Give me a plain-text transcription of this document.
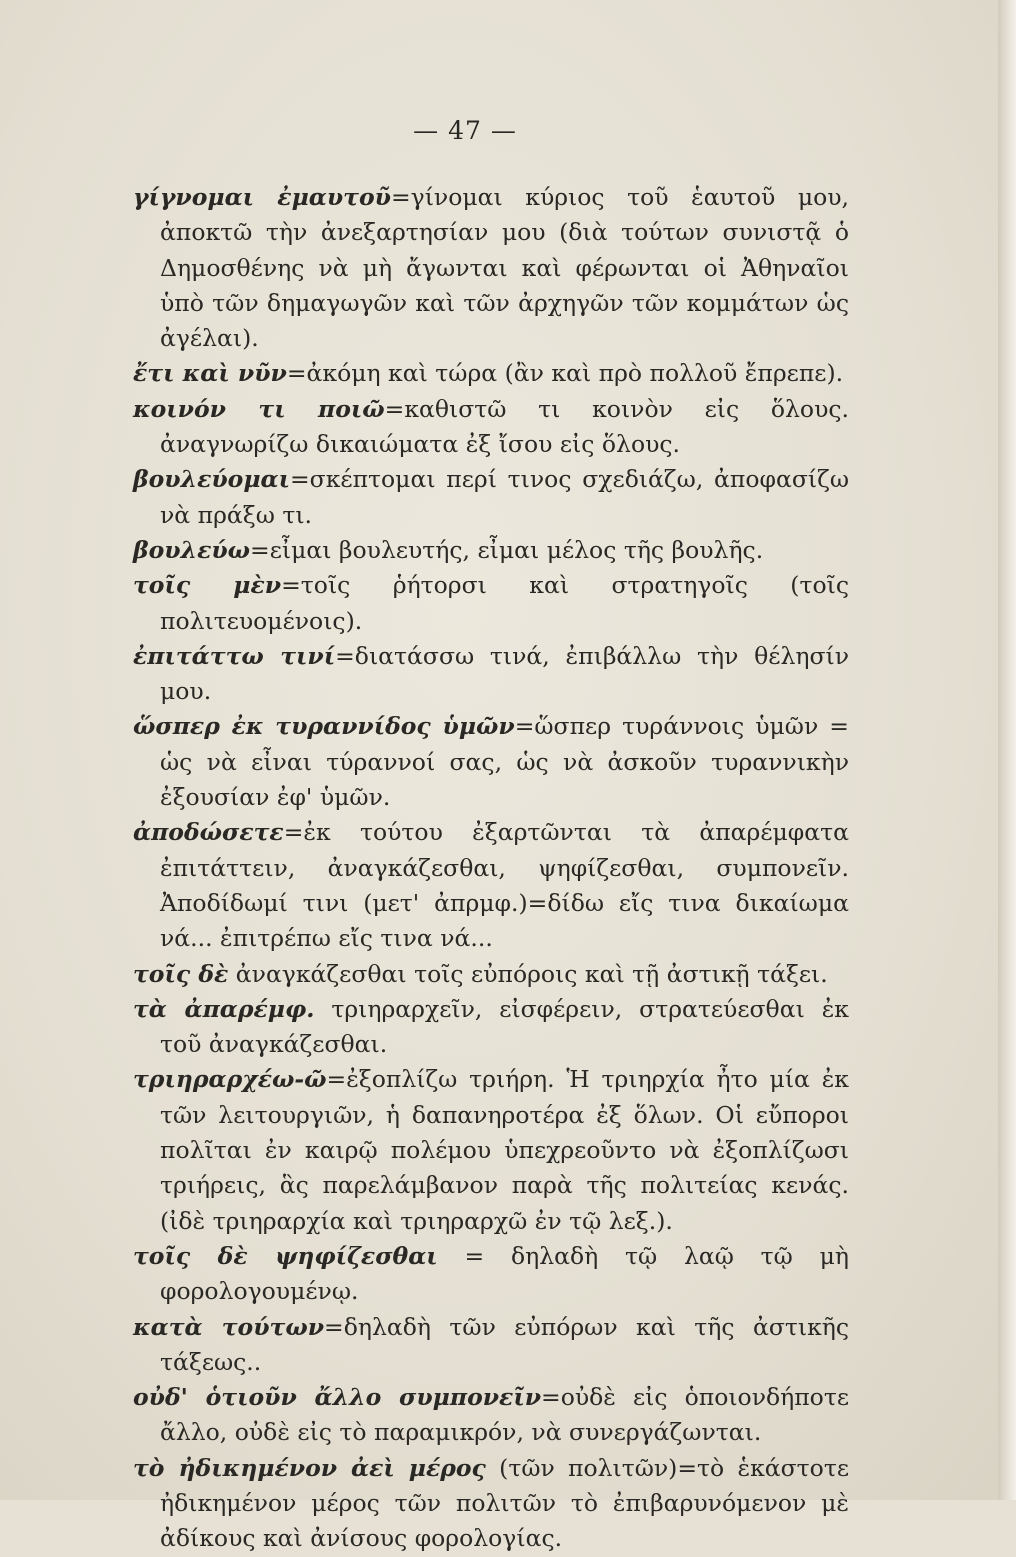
— 47 —
γίγνομαι ἐμαυτοῦ=γίνομαι κύριος τοῦ ἑαυτοῦ μου, ἀποκτῶ τὴν ἀνεξαρτησίαν μου (διὰ τούτων συνιστᾷ ὁ Δημοσθένης νὰ μὴ ἄγωνται καὶ φέρωνται οἱ Ἀθηναῖοι ὑπὸ τῶν δημαγωγῶν καὶ τῶν ἀρχηγῶν τῶν κομμάτων ὡς ἀγέλαι).
ἔτι καὶ νῦν=ἀκόμη καὶ τώρα (ἂν καὶ πρὸ πολλοῦ ἔπρεπε).
κοινόν τι ποιῶ=καθιστῶ τι κοινὸν εἰς ὅλους. ἀναγνωρίζω δικαιώματα ἐξ ἴσου εἰς ὅλους.
βουλεύομαι=σκέπτομαι περί τινος σχεδιάζω, ἀποφασίζω νὰ πράξω τι.
βουλεύω=εἶμαι βουλευτής, εἶμαι μέλος τῆς βουλῆς.
τοῖς μὲν=τοῖς ῥήτορσι καὶ στρατηγοῖς (τοῖς πολιτευομένοις).
ἐπιτάττω τινί=διατάσσω τινά, ἐπιβάλλω τὴν θέλησίν μου.
ὥσπερ ἐκ τυραννίδος ὑμῶν=ὥσπερ τυράννοις ὑμῶν = ὡς νὰ εἶναι τύραννοί σας, ὡς νὰ ἀσκοῦν τυραννικὴν ἐξουσίαν ἐφ' ὑμῶν.
ἀποδώσετε=ἐκ τούτου ἐξαρτῶνται τὰ ἀπαρέμφατα ἐπιτάττειν, ἀναγκάζεσθαι, ψηφίζεσθαι, συμπονεῖν. Ἀποδίδωμί τινι (μετ' ἀπρμφ.)=δίδω εἴς τινα δικαίωμα νά... ἐπιτρέπω εἴς τινα νά...
τοῖς δὲ ἀναγκάζεσθαι τοῖς εὐπόροις καὶ τῇ ἀστικῇ τάξει.
τὰ ἀπαρέμφ. τριηραρχεῖν, εἰσφέρειν, στρατεύεσθαι ἐκ τοῦ ἀναγκάζεσθαι.
τριηραρχέω-ῶ=ἐξοπλίζω τριήρη. Ἡ τριηρχία ἦτο μία ἐκ τῶν λειτουργιῶν, ἡ δαπανηροτέρα ἐξ ὅλων. Οἱ εὔποροι πολῖται ἐν καιρῷ πολέμου ὑπεχρεοῦντο νὰ ἐξοπλίζωσι τριήρεις, ἃς παρελάμβανον παρὰ τῆς πολιτείας κενάς. (ἰδὲ τριηραρχία καὶ τριηραρχῶ ἐν τῷ λεξ.).
τοῖς δὲ ψηφίζεσθαι = δηλαδὴ τῷ λαῷ τῷ μὴ φορολογουμένῳ.
κατὰ τούτων=δηλαδὴ τῶν εὐπόρων καὶ τῆς ἀστικῆς τάξεως..
οὐδ' ὁτιοῦν ἄλλο συμπονεῖν=οὐδὲ εἰς ὁποιονδήποτε ἄλλο, οὐδὲ εἰς τὸ παραμικρόν, νὰ συνεργάζωνται.
τὸ ἠδικημένον ἀεὶ μέρος (τῶν πολιτῶν)=τὸ ἑκάστοτε ἠδικημένον μέρος τῶν πολιτῶν τὸ ἐπιβαρυνόμενον μὲ ἀδίκους καὶ ἀνίσους φορολογίας.
